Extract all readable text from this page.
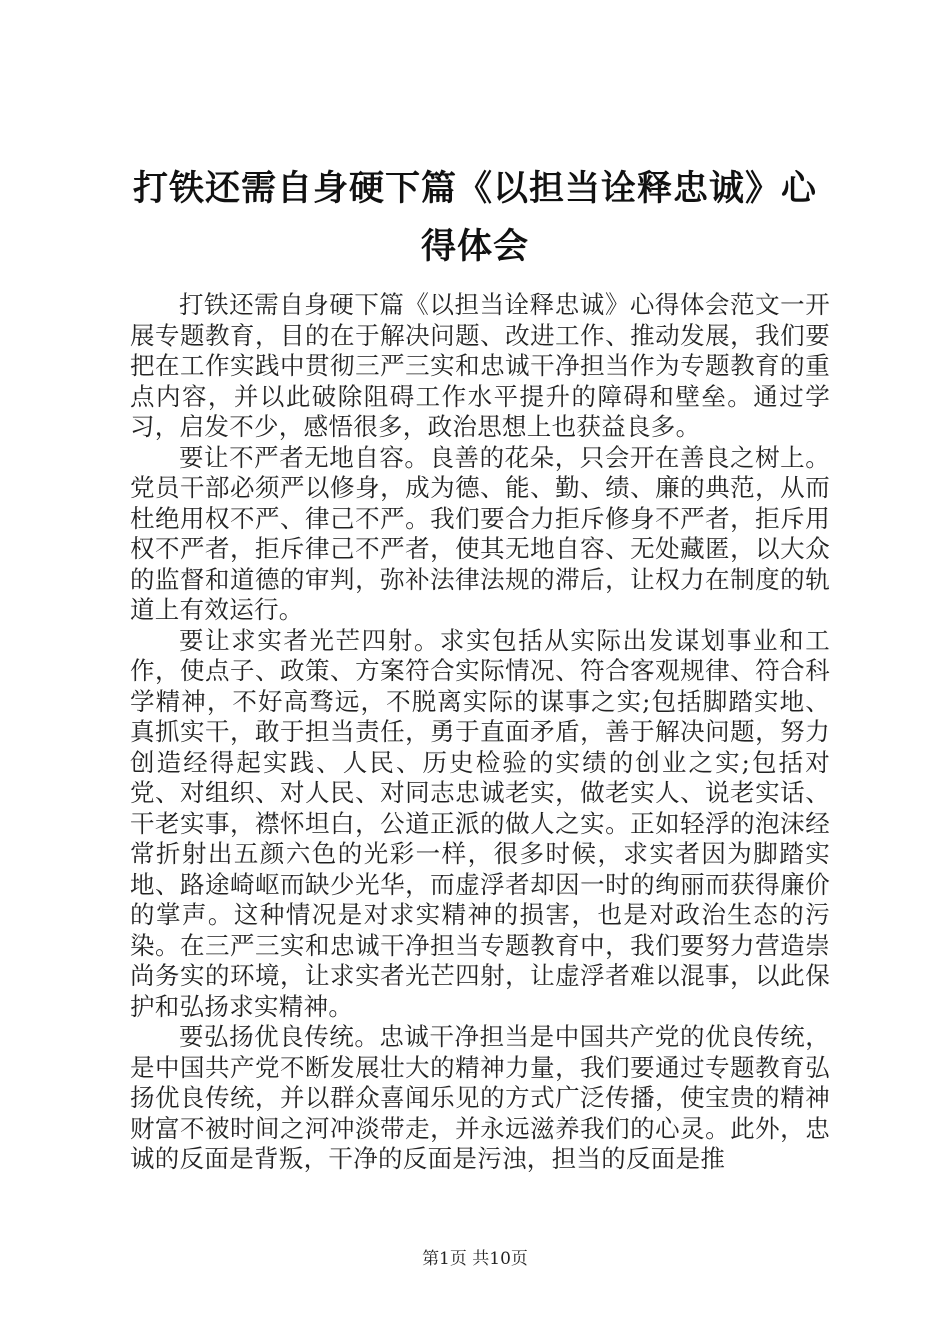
打铁还需自身硬下篇《以担当诠释忠诚》心得体会

打铁还需自身硬下篇《以担当诠释忠诚》心得体会范文一开展专题教育，目的在于解决问题、改进工作、推动发展，我们要把在工作实践中贯彻三严三实和忠诚干净担当作为专题教育的重点内容，并以此破除阻碍工作水平提升的障碍和壁垒。通过学习，启发不少，感悟很多，政治思想上也获益良多。

要让不严者无地自容。良善的花朵，只会开在善良之树上。党员干部必须严以修身，成为德、能、勤、绩、廉的典范，从而杜绝用权不严、律己不严。我们要合力拒斥修身不严者，拒斥用权不严者，拒斥律己不严者，使其无地自容、无处藏匿，以大众的监督和道德的审判，弥补法律法规的滞后，让权力在制度的轨道上有效运行。

要让求实者光芒四射。求实包括从实际出发谋划事业和工作，使点子、政策、方案符合实际情况、符合客观规律、符合科学精神，不好高骛远，不脱离实际的谋事之实;包括脚踏实地、真抓实干，敢于担当责任，勇于直面矛盾，善于解决问题，努力创造经得起实践、人民、历史检验的实绩的创业之实;包括对党、对组织、对人民、对同志忠诚老实，做老实人、说老实话、干老实事，襟怀坦白，公道正派的做人之实。正如轻浮的泡沫经常折射出五颜六色的光彩一样，很多时候，求实者因为脚踏实地、路途崎岖而缺少光华，而虚浮者却因一时的绚丽而获得廉价的掌声。这种情况是对求实精神的损害，也是对政治生态的污染。在三严三实和忠诚干净担当专题教育中，我们要努力营造崇尚务实的环境，让求实者光芒四射，让虚浮者难以混事，以此保护和弘扬求实精神。

要弘扬优良传统。忠诚干净担当是中国共产党的优良传统，是中国共产党不断发展壮大的精神力量，我们要通过专题教育弘扬优良传统，并以群众喜闻乐见的方式广泛传播，使宝贵的精神财富不被时间之河冲淡带走，并永远滋养我们的心灵。此外，忠诚的反面是背叛，干净的反面是污浊，担当的反面是推

第1页 共10页
